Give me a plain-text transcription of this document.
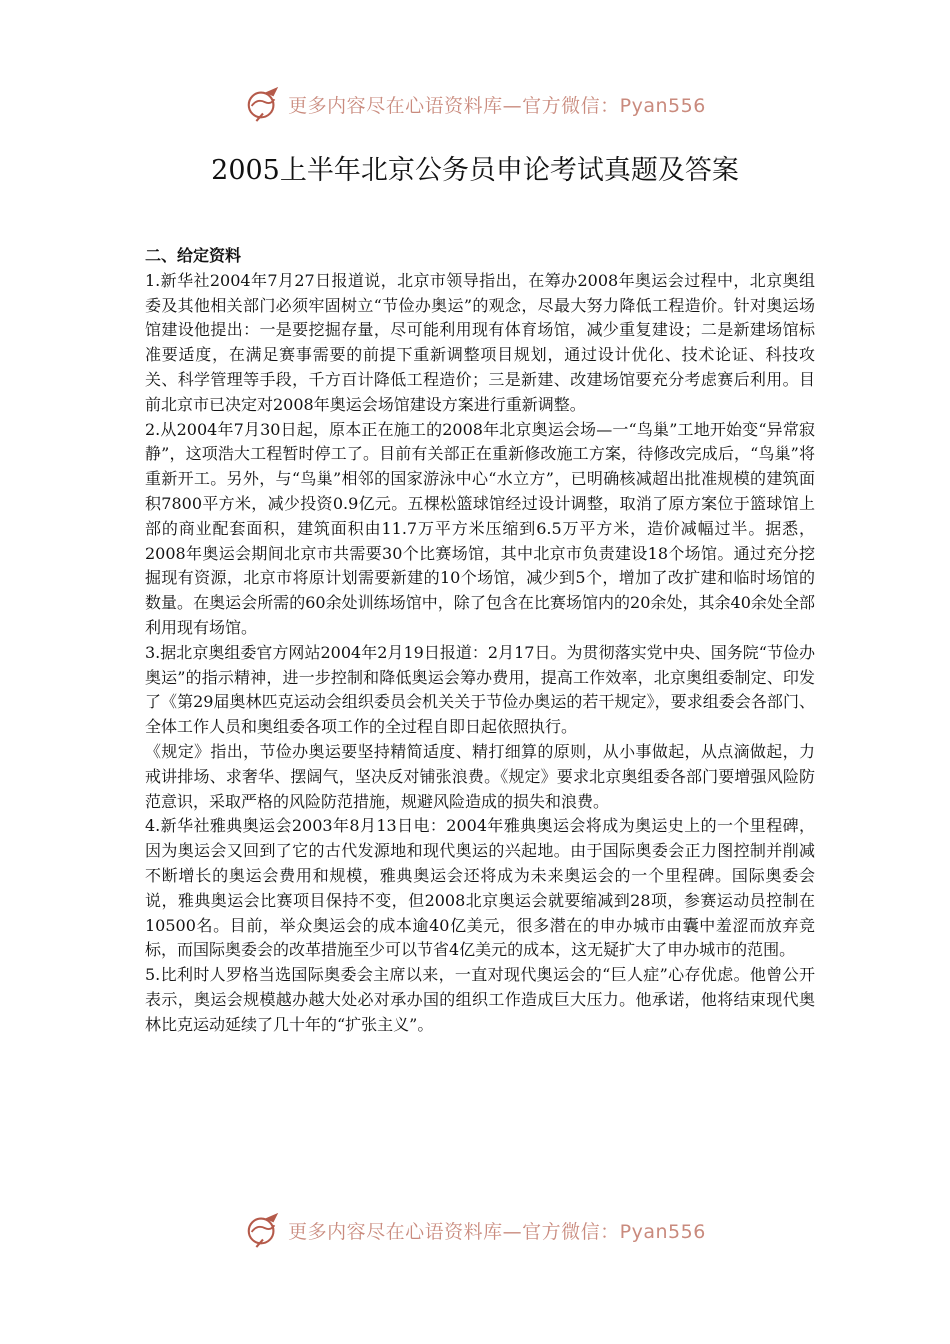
更多内容尽在心语资料库—官方微信：Pyan556
2005上半年北京公务员申论考试真题及答案

二、给定资料

1.新华社2004年7月27日报道说，北京市领导指出，在筹办2008年奥运会过程中，北京奥组委及其他相关部门必须牢固树立“节俭办奥运”的观念，尽最大努力降低工程造价。针对奥运场馆建设他提出：一是要挖掘存量，尽可能利用现有体育场馆，减少重复建设；二是新建场馆标准要适度，在满足赛事需要的前提下重新调整项目规划，通过设计优化、技术论证、科技攻关、科学管理等手段，千方百计降低工程造价；三是新建、改建场馆要充分考虑赛后利用。目前北京市已决定对2008年奥运会场馆建设方案进行重新调整。

2.从2004年7月30日起，原本正在施工的2008年北京奥运会场—一“鸟巢”工地开始变“异常寂静”，这项浩大工程暂时停工了。目前有关部正在重新修改施工方案，待修改完成后，“鸟巢”将重新开工。另外，与“鸟巢”相邻的国家游泳中心“水立方”，已明确核减超出批准规模的建筑面积7800平方米，减少投资0.9亿元。五棵松篮球馆经过设计调整，取消了原方案位于篮球馆上部的商业配套面积，建筑面积由11.7万平方米压缩到6.5万平方米，造价减幅过半。据悉，2008年奥运会期间北京市共需要30个比赛场馆，其中北京市负责建设18个场馆。通过充分挖掘现有资源，北京市将原计划需要新建的10个场馆，减少到5个，增加了改扩建和临时场馆的数量。在奥运会所需的60余处训练场馆中，除了包含在比赛场馆内的20余处，其余40余处全部利用现有场馆。

3.据北京奥组委官方网站2004年2月19日报道：2月17日。为贯彻落实党中央、国务院“节俭办奥运”的指示精神，进一步控制和降低奥运会筹办费用，提高工作效率，北京奥组委制定、印发了《第29届奥林匹克运动会组织委员会机关关于节俭办奥运的若干规定》，要求组委会各部门、全体工作人员和奥组委各项工作的全过程自即日起依照执行。

《规定》指出，节俭办奥运要坚持精简适度、精打细算的原则，从小事做起，从点滴做起，力戒讲排场、求奢华、摆阔气，坚决反对铺张浪费。《规定》要求北京奥组委各部门要增强风险防范意识，采取严格的风险防范措施，规避风险造成的损失和浪费。

4.新华社雅典奥运会2003年8月13日电：2004年雅典奥运会将成为奥运史上的一个里程碑，因为奥运会又回到了它的古代发源地和现代奥运的兴起地。由于国际奥委会正力图控制并削减不断增长的奥运会费用和规模，雅典奥运会还将成为未来奥运会的一个里程碑。国际奥委会说，雅典奥运会比赛项目保持不变，但2008北京奥运会就要缩减到28项，参赛运动员控制在10500名。目前，举众奥运会的成本逾40亿美元，很多潜在的申办城市由囊中羞涩而放弃竞标，而国际奥委会的改革措施至少可以节省4亿美元的成本，这无疑扩大了申办城市的范围。

5.比利时人罗格当选国际奥委会主席以来，一直对现代奥运会的“巨人症”心存优虑。他曾公开表示，奥运会规模越办越大处必对承办国的组织工作造成巨大压力。他承诺，他将结束现代奥林比克运动延续了几十年的“扩张主义”。

更多内容尽在心语资料库—官方微信：Pyan556
